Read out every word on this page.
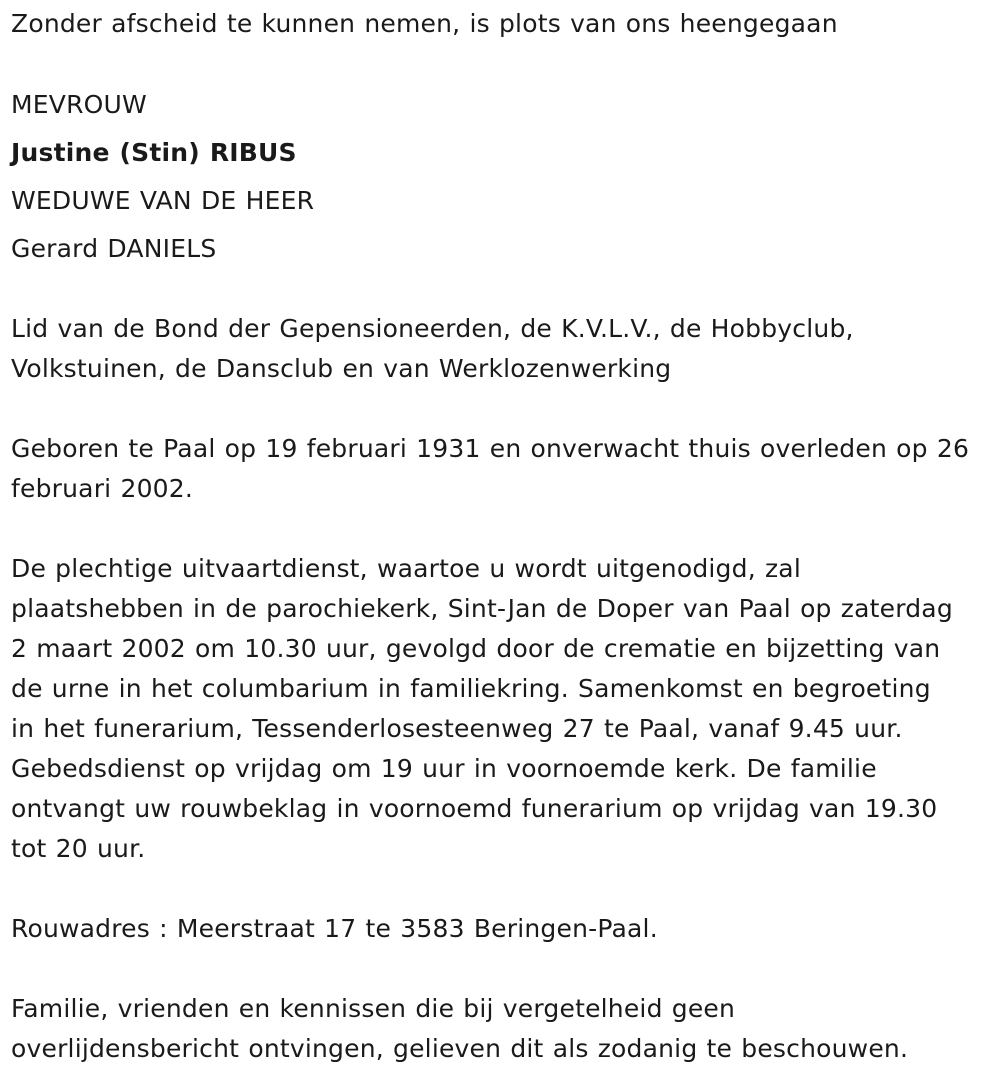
Zonder afscheid te kunnen nemen, is plots van ons heengegaan
MEVROUW
Justine (Stin) RIBUS
WEDUWE VAN DE HEER
Gerard DANIELS
Lid van de Bond der Gepensioneerden, de K.V.L.V., de Hobbyclub,
Volkstuinen, de Dansclub en van Werklozenwerking
Geboren te Paal op 19 februari 1931 en onverwacht thuis overleden op 26
februari 2002.
De plechtige uitvaartdienst, waartoe u wordt uitgenodigd, zal
plaatshebben in de parochiekerk, Sint-Jan de Doper van Paal op zaterdag
2 maart 2002 om 10.30 uur, gevolgd door de crematie en bijzetting van
de urne in het columbarium in familiekring. Samenkomst en begroeting
in het funerarium, Tessenderlosesteenweg 27 te Paal, vanaf 9.45 uur.
Gebedsdienst op vrijdag om 19 uur in voornoemde kerk. De familie
ontvangt uw rouwbeklag in voornoemd funerarium op vrijdag van 19.30
tot 20 uur.
Rouwadres : Meerstraat 17 te 3583 Beringen-Paal.
Familie, vrienden en kennissen die bij vergetelheid geen
overlijdensbericht ontvingen, gelieven dit als zodanig te beschouwen.
